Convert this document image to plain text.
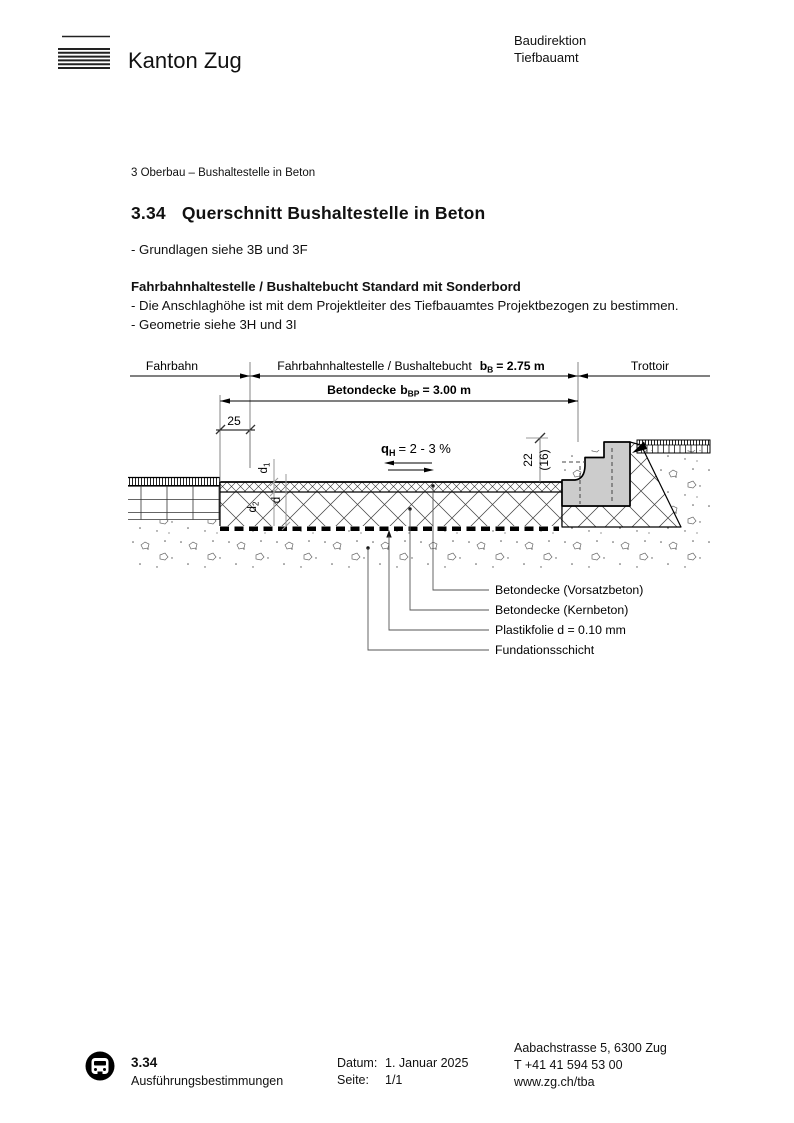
Kanton Zug
Baudirektion
Tiefbauamt
3 Oberbau – Bushaltestelle in Beton
3.34 Querschnitt Bushaltestelle in Beton
- Grundlagen siehe 3B und 3F
Fahrbahnhaltestelle / Bushaltebucht Standard mit Sonderbord
- Die Anschlaghöhe ist mit dem Projektleiter des Tiefbauamtes Projektbezogen zu bestimmen.
- Geometrie siehe 3H und 3I
Fahrbahn	Fahrbahnhaltestelle / Bushaltebucht $b_B = 2.75$ m	Trottoir
Betondecke $b_{BP} = 3.00$ m
25
$q_H = 2 - 3$ %
22 (16)
$d_1$
$d_2$
d
Betondecke (Vorsatzbeton)
Betondecke (Kernbeton)
Plastikfolie d = 0.10 mm
Fundationsschicht
3.34
Ausführungsbestimmungen
Datum: 1. Januar 2025
Seite:	1/1
Aabachstrasse 5, 6300 Zug
T +41 41 594 53 00
www.zg.ch/tba
